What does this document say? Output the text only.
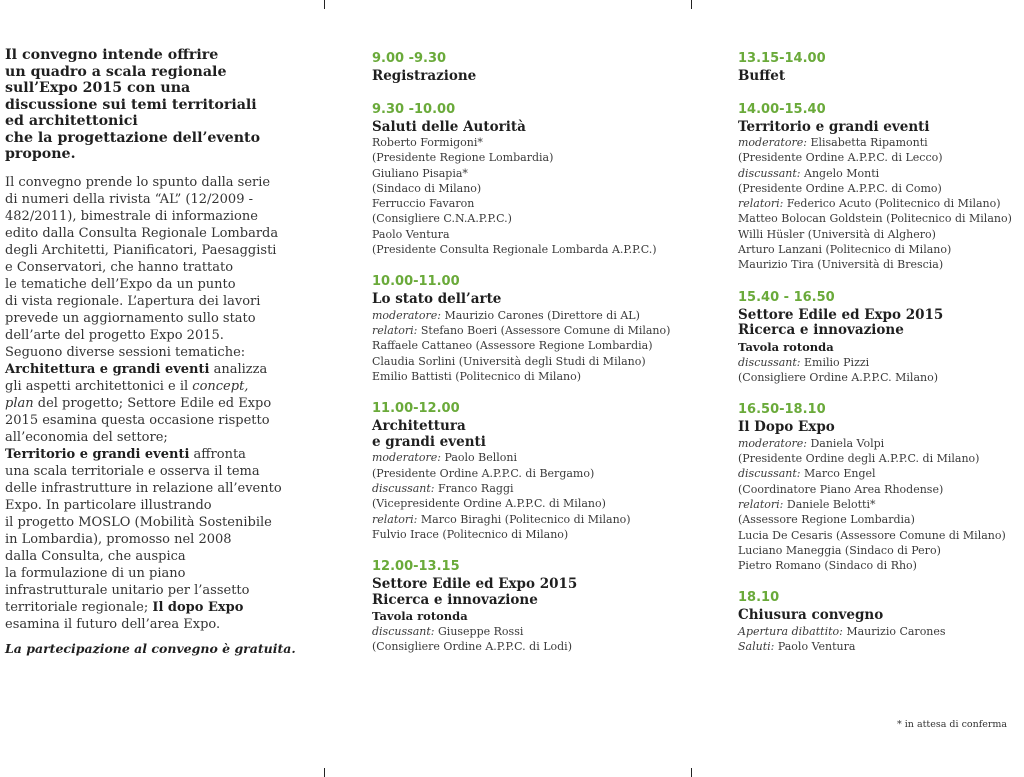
Il convegno intende offrire
un quadro a scala regionale
sull’Expo 2015 con una
discussione sui temi territoriali
ed architettonici
che la progettazione dell’evento
propone.
Il convegno prende lo spunto dalla serie
di numeri della rivista “AL” (12/2009 -
482/2011), bimestrale di informazione
edito dalla Consulta Regionale Lombarda
degli Architetti, Pianificatori, Paesaggisti
e Conservatori, che hanno trattato
le tematiche dell’Expo da un punto
di vista regionale. L’apertura dei lavori
prevede un aggiornamento sullo stato
dell’arte del progetto Expo 2015.
Seguono diverse sessioni tematiche:
Architettura e grandi eventi analizza
gli aspetti architettonici e il concept,
plan del progetto; Settore Edile ed Expo
2015 esamina questa occasione rispetto
all’economia del settore;
Territorio e grandi eventi affronta
una scala territoriale e osserva il tema
delle infrastrutture in relazione all’evento
Expo. In particolare illustrando
il progetto MOSLO (Mobilità Sostenibile
in Lombardia), promosso nel 2008
dalla Consulta, che auspica
la formulazione di un piano
infrastrutturale unitario per l’assetto
territoriale regionale; Il dopo Expo
esamina il futuro dell’area Expo.
La partecipazione al convegno è gratuita.
9.00 -9.30
Registrazione
9.30 -10.00
Saluti delle Autorità
Roberto Formigoni*
(Presidente Regione Lombardia)
Giuliano Pisapia*
(Sindaco di Milano)
Ferruccio Favaron
(Consigliere C.N.A.P.P.C.)
Paolo Ventura
(Presidente Consulta Regionale Lombarda A.P.P.C.)
10.00-11.00
Lo stato dell’arte
moderatore: Maurizio Carones (Direttore di AL)
relatori: Stefano Boeri (Assessore Comune di Milano)
Raffaele Cattaneo (Assessore Regione Lombardia)
Claudia Sorlini (Università degli Studi di Milano)
Emilio Battisti (Politecnico di Milano)
11.00-12.00
Architettura
e grandi eventi
moderatore: Paolo Belloni
(Presidente Ordine A.P.P.C. di Bergamo)
discussant: Franco Raggi
(Vicepresidente Ordine A.P.P.C. di Milano)
relatori: Marco Biraghi (Politecnico di Milano)
Fulvio Irace (Politecnico di Milano)
12.00-13.15
Settore Edile ed Expo 2015
Ricerca e innovazione
Tavola rotonda
discussant: Giuseppe Rossi
(Consigliere Ordine A.P.P.C. di Lodi)
13.15-14.00
Buffet
14.00-15.40
Territorio e grandi eventi
moderatore: Elisabetta Ripamonti
(Presidente Ordine A.P.P.C. di Lecco)
discussant: Angelo Monti
(Presidente Ordine A.P.P.C. di Como)
relatori: Federico Acuto (Politecnico di Milano)
Matteo Bolocan Goldstein (Politecnico di Milano)
Willi Hüsler (Università di Alghero)
Arturo Lanzani (Politecnico di Milano)
Maurizio Tira (Università di Brescia)
15.40 - 16.50
Settore Edile ed Expo 2015
Ricerca e innovazione
Tavola rotonda
discussant: Emilio Pizzi
(Consigliere Ordine A.P.P.C. Milano)
16.50-18.10
Il Dopo Expo
moderatore: Daniela Volpi
(Presidente Ordine degli A.P.P.C. di Milano)
discussant: Marco Engel
(Coordinatore Piano Area Rhodense)
relatori: Daniele Belotti*
(Assessore Regione Lombardia)
Lucia De Cesaris (Assessore Comune di Milano)
Luciano Maneggia (Sindaco di Pero)
Pietro Romano (Sindaco di Rho)
18.10
Chiusura convegno
Apertura dibattito: Maurizio Carones
Saluti: Paolo Ventura
* in attesa di conferma
